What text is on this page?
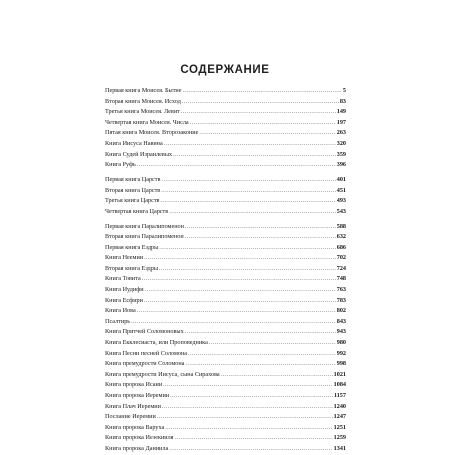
СОДЕРЖАНИЕ
Первая книга Моисея. Бытие .....	5
Вторая книга Моисея. Исход .....	83
Третья книга Моисея. Левит .....	149
Четвертая книга Моисея. Числа .....	197
Пятая книга Моисея. Второзаконие .....	263
Книга Иисуса Навина .....	320
Книга Судей Израилевых .....	359
Книга Руфь .....	396
Первая книга Царств .....	401
Вторая книга Царств .....	451
Третья книга Царств .....	493
Четвертая книга Царств .....	543
Первая книга Паралипоменон .....	588
Вторая книга Паралипоменон .....	632
Первая книга Ездры .....	686
Книга Неемии .....	702
Вторая книга Ездры .....	724
Книга Товита .....	748
Книга Иудифи .....	763
Книга Есфири .....	783
Книга Иова .....	802
Псалтирь .....	843
Книга Притчей Соломоновых .....	943
Книга Екклесиаста, или Проповедника .....	980
Книга Песни песней Соломона .....	992
Книга премудрости Соломона .....	998
Книга премудрости Иисуса, сына Сирахова .....	1021
Книга пророка Исаии .....	1084
Книга пророка Иеремии .....	1157
Книга Плач Иеремии .....	1240
Послание Иеремии .....	1247
Книга пророка Варуха .....	1251
Книга пророка Иезекииля .....	1259
Книга пророка Даниила .....	1341
